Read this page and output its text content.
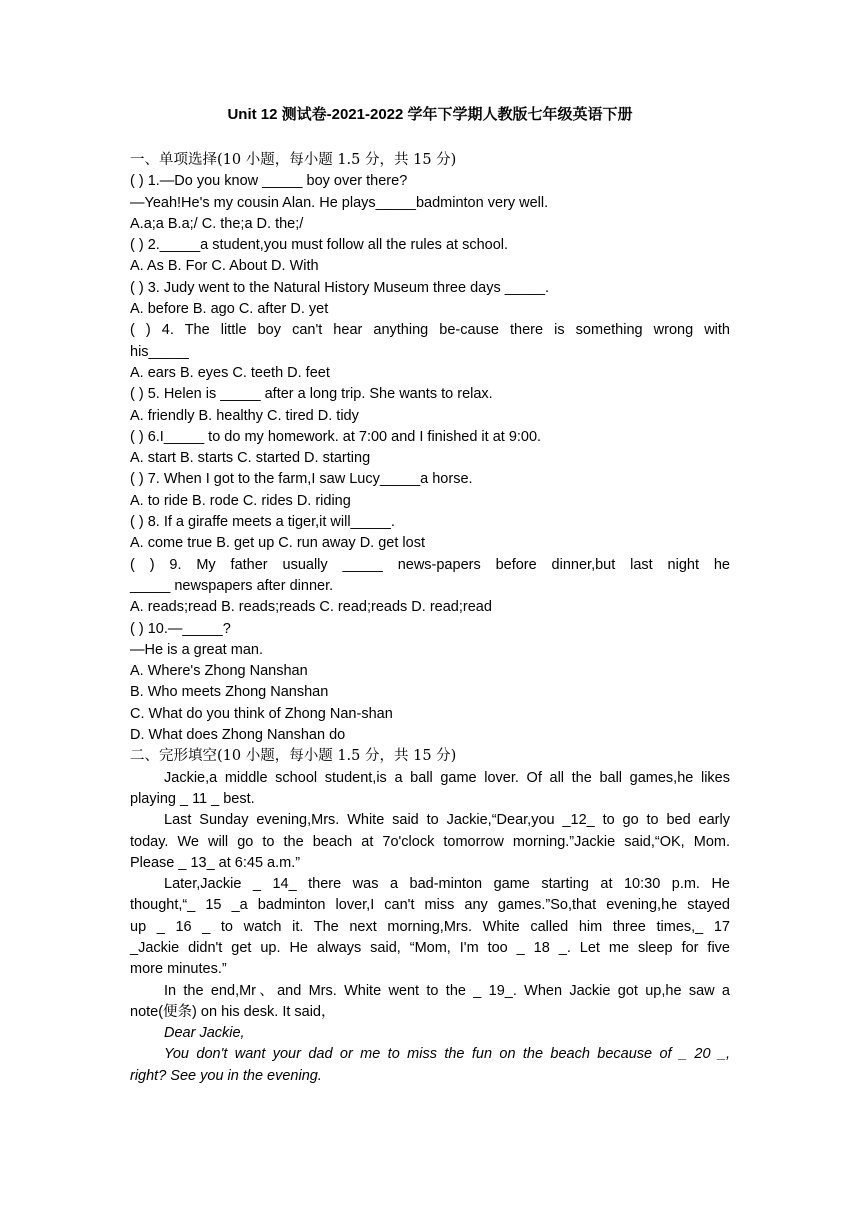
Unit 12 测试卷-2021-2022 学年下学期人教版七年级英语下册
一、单项选择(10 小题，每小题 1.5 分，共 15 分)
( ) 1.—Do you know _____ boy over there?
—Yeah!He's my cousin Alan. He plays_____badminton very well.
A.a;a B.a;/ C. the;a D. the;/
( ) 2._____a student,you must follow all the rules at school.
A. As B. For C. About D. With
( ) 3. Judy went to the Natural History Museum three days _____.
A. before B. ago C. after D. yet
( ) 4. The little boy can't hear anything be-cause there is something wrong with
his_____
A. ears B. eyes C. teeth D. feet
( ) 5. Helen is _____ after a long trip. She wants to relax.
A. friendly B. healthy C. tired D. tidy
( ) 6.I_____ to do my homework. at 7:00 and I finished it at 9:00.
A. start B. starts C. started D. starting
( ) 7. When I got to the farm,I saw Lucy_____a horse.
A. to ride B. rode C. rides D. riding
( ) 8. If a giraffe meets a tiger,it will_____.
A. come true B. get up C. run away D. get lost
( ) 9. My father usually _____ news-papers before dinner,but last night he
_____ newspapers after dinner.
A. reads;read B. reads;reads C. read;reads D. read;read
( ) 10.—_____?
—He is a great man.
A. Where's Zhong Nanshan
B. Who meets Zhong Nanshan
C. What do you think of Zhong Nan-shan
D. What does Zhong Nanshan do
二、完形填空(10 小题，每小题 1.5 分，共 15 分)
Jackie,a middle school student,is a ball game lover. Of all the ball games,he likes
playing _ 11 _ best.
Last Sunday evening,Mrs. White said to Jackie,“Dear,you _12_ to go to bed early
today. We will go to the beach at 7o'clock tomorrow morning.”Jackie said,“OK, Mom.
Please _ 13_ at 6:45 a.m.”
Later,Jackie _ 14_ there was a bad-minton game starting at 10:30 p.m. He
thought,“_ 15 _a badminton lover,I can't miss any games.”So,that evening,he stayed
up _ 16 _ to watch it. The next morning,Mrs. White called him three times,_ 17
_Jackie didn't get up. He always said, “Mom, I'm too _ 18 _. Let me sleep for five
more minutes.”
In the end,Mr、and Mrs. White went to the _ 19_. When Jackie got up,he saw a
note(便条) on his desk. It said，
Dear Jackie,
You don't want your dad or me to miss the fun on the beach because of _ 20 _,
right? See you in the evening.
